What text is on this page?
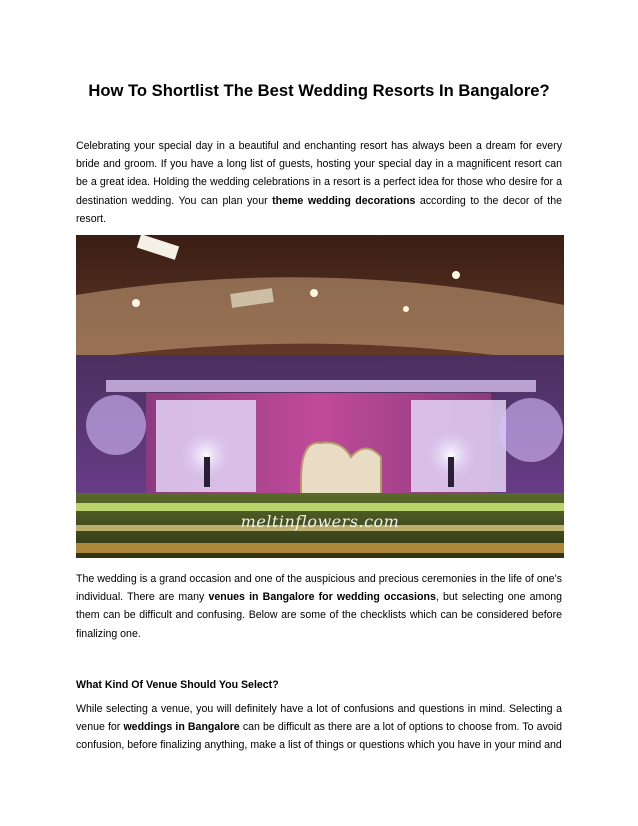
How To Shortlist The Best Wedding Resorts In Bangalore?

Celebrating your special day in a beautiful and enchanting resort has always been a dream for every bride and groom. If you have a long list of guests, hosting your special day in a magnificent resort can be a great idea. Holding the wedding celebrations in a resort is a perfect idea for those who desire for a destination wedding. You can plan your theme wedding decorations according to the decor of the resort.

meltinflowers.com

The wedding is a grand occasion and one of the auspicious and precious ceremonies in the life of one’s individual. There are many venues in Bangalore for wedding occasions, but selecting one among them can be difficult and confusing. Below are some of the checklists which can be considered before finalizing one.

What Kind Of Venue Should You Select?

While selecting a venue, you will definitely have a lot of confusions and questions in mind. Selecting a venue for weddings in Bangalore can be difficult as there are a lot of options to choose from. To avoid confusion, before finalizing anything, make a list of things or questions which you have in your mind and
